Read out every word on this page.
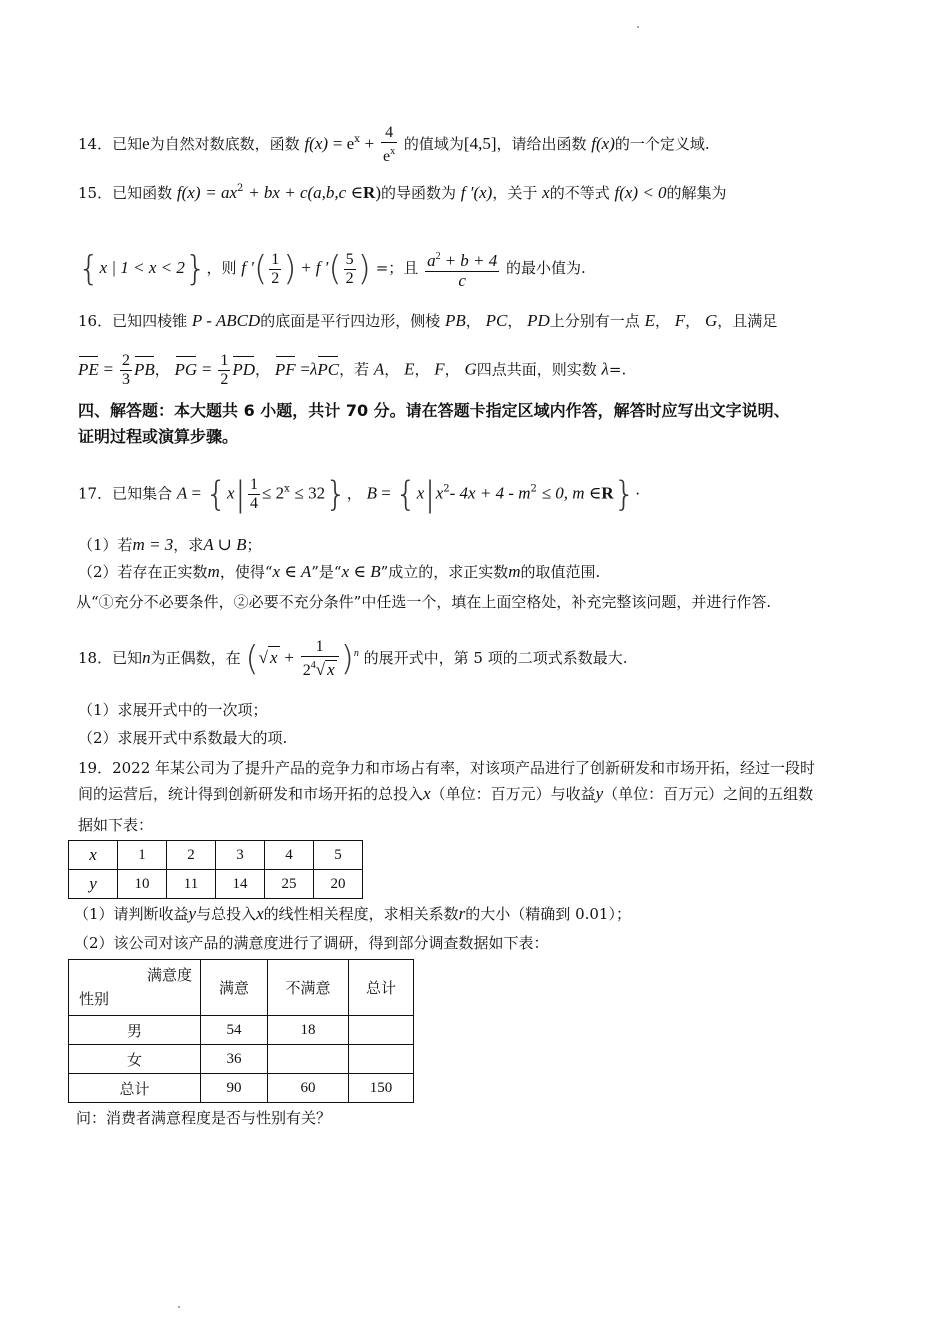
14．已知e为自然对数底数，函数 $f(x) = e^x + \frac{4}{e^x}$ 的值域为[4,5]，请给出函数 f(x)的一个定义域.
15．已知函数 $f(x) = ax^2$ + bx + c(a,b,c ∈R)的导函数为 f ′(x)，关于 x的不等式 f(x) < 0的解集为
{x | 1 < x < 2}，则 f ′( $\frac{1}{2}$ ) + f ′( $\frac{5}{2}$ ) =；且 $\frac{a^2 + b + 4}{c}$ 的最小值为.
16．已知四棱锥 P - ABCD的底面是平行四边形，侧棱 PB， PC， PD上分别有一点 E， F， G，且满足
PE = $\frac{2}{3}$ PB， PG = $\frac{1}{2}$ PD， PF =λPC，若 A， E， F， G四点共面，则实数 λ=.
四、解答题：本大题共 6 小题，共计 70 分。请在答题卡指定区域内作答，解答时应写出文字说明、
证明过程或演算步骤。
17．已知集合 $A = \{x| \frac{1}{4} \le 2^x \le 32\}$， $B = \{x|x^2-$ $4x + 4 - m^2 \le 0$, m ∈R}·
（1）若m = 3，求A ∪ B；
（2）若存在正实数m，使得“x ∈ A”是“x ∈ B”成立的，求正实数m的取值范围.
从“①充分不必要条件，②必要不充分条件”中任选一个，填在上面空格处，补充完整该问题，并进行作答.
18．已知n为正偶数，在 (√ $x + \frac{1}{2^4√ x} )^n$ 的展开式中，第 5 项的二项式系数最大.
（1）求展开式中的一次项；
（2）求展开式中系数最大的项.
19．2022 年某公司为了提升产品的竞争力和市场占有率，对该项产品进行了创新研发和市场开拓，经过一段时
间的运营后，统计得到创新研发和市场开拓的总投入x（单位：百万元）与收益y（单位：百万元）之间的五组数
据如下表：
x	1	2	3	4	5
y	10	11	14	25	20
（1）请判断收益y与总投入x的线性相关程度，求相关系数r的大小（精确到 0.01）；
（2）该公司对该产品的满意度进行了调研，得到部分调查数据如下表：
满意度
性别	满意	不满意	总计
男	54	18	
女	36		
总计	90	60	150
问：消费者满意程度是否与性别有关？
